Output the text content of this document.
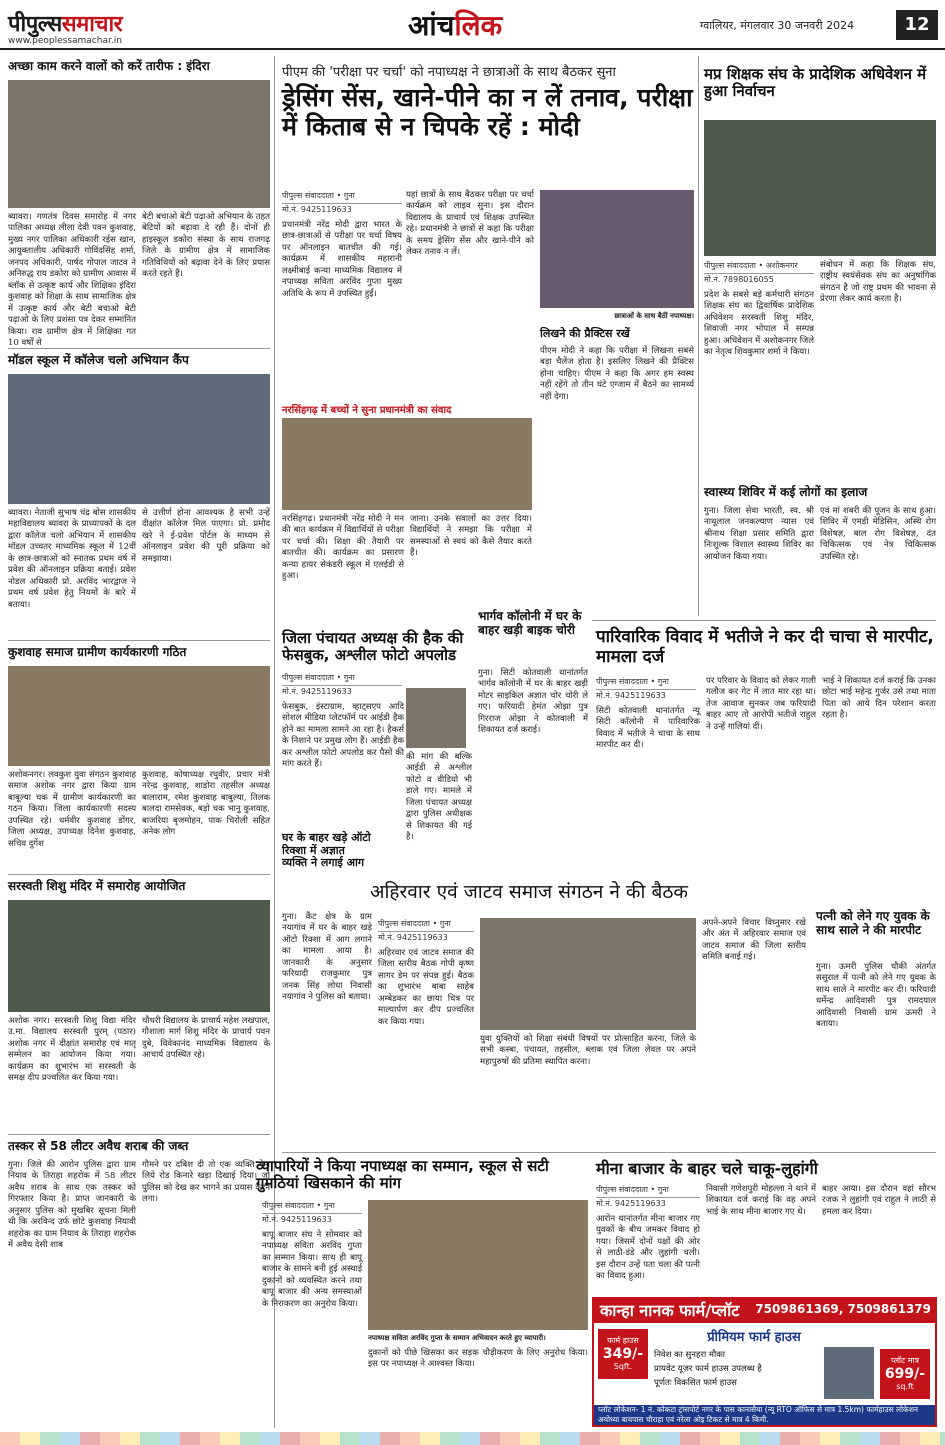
पीपुल्ससमाचार
www.peoplessamachar.in	आंचलिक	ग्वालियर, मंगलवार 30 जनवरी 2024	12
अच्छा काम करने वालों को करें तारीफ : इंदिरा
ब्यावरा। गणतंत्र दिवस समारोह में नगर पालिका अध्यक्ष लीला देवी पवन कुशवाह, मुख्य नगर पालिका अधिकारी रईस खान, आयुक्तालीय अधिकारी गोविंदसिंह शर्मा, जनपद अधिकारी, पार्षद गोपाल जाटव ने अनिरुद्ध राय डकोरा को ग्रामीण आवास में ब्लॉक से उत्कृष्ट कार्य और शिक्षिका इंदिरा कुशवाह को शिक्षा के साथ सामाजिक क्षेत्र में उत्कृष्ट कार्य और बेटी बचाओ बेटी पढ़ाओ के लिए प्रशंसा पत्र देकर सम्मानित किया। राव ग्रामीण क्षेत्र में शिक्षिका गत 10 वर्षों से
बेटी बचाओ बेटी पढ़ाओ अभियान के तहत बेटियों को बढ़ावा दे रही हैं। दोनों ही हाइस्कूल डकोरा संस्था के साथ राजगढ़ जिले के ग्रामीण क्षेत्र में सामाजिक गतिविधियों को बढ़ावा देने के लिए प्रयास करते रहते हैं।
मॉडल स्कूल में कॉलेज चलो अभियान कैंप
ब्यावरा। नेताजी सुभाष चंद्र बोस शासकीय महाविद्यालय ब्यावरा के प्राध्यापकों के दल द्वारा कॉलेज चलो अभियान में शासकीय मॉडल उच्चतर माध्यमिक स्कूल में 12वीं के छात्र-छात्राओं को स्नातक प्रथम वर्ष में प्रवेश की ऑनलाइन प्रक्रिया बताई। प्रवेश नोडल अधिकारी प्रो. अरविंद भारद्वाज ने प्रथम वर्ष प्रवेश हेतु नियमों के बारे में बताया।
से उत्तीर्ण होना आवश्यक है सभी उन्हें दीक्षांत कॉलेज मिल पाएगा। प्रो. प्रमोद खरे ने ई-प्रवेश पोर्टल के माध्यम से ऑनलाइन प्रवेश की पूरी प्रक्रिया को समझाया।
कुशवाह समाज ग्रामीण कार्यकारणी गठित
अशोकनगर। लवकुश युवा संगठन कुशवाह समाज अशोक नगर द्वारा किया ग्राम बाबूल्या चक में ग्रामीण कार्यकारणी का गठन किया। जिला कार्यकारणी सदस्य उपस्थित रहे। धर्मवीर कुशवाह डोंगर, जिला अध्यक्ष, उपाध्यक्ष दिनेश कुशवाह, सचिव दुर्गेश
कुशवाह, कोषाध्यक्ष रघुवीर, प्रचार मंत्री नरेन्द्र कुशवाह, शाडोरा तहसील अध्यक्ष बालाराम, रमेश कुशवाह बाबुल्या, तिलक बालदा रामसेवक, बड़ो चक भानु कुशवाह, बाजरिया बृजमोहन, पाक चिरोली सहित अनेक लोग
सरस्वती शिशु मंदिर में समारोह आयोजित
अशोक नगर। सरस्वती शिशु विद्या मंदिर उ.मा. विद्यालय सरस्वती पुरम् (पठार) अशोक नगर में दीक्षांत समारोह एवं मातृ सम्मेलन का आयोजन किया गया। कार्यक्रम का शुभारंभ मां सरस्वती के समक्ष दीप प्रज्वलित कर किया गया।
चौधरी विद्यालय के प्राचार्य महेश लखपाल, गौशाला मार्ग शिशु मंदिर के प्राचार्य पवन दुबे, विवेकानंद माध्यमिक विद्यालय के आचार्य उपस्थित रहे।
तस्कर से 58 लीटर अवैध शराब की जब्त
गुना। जिले की आरोन पुलिस द्वारा ग्राम नियाव के तिराहा शहरोक में 58 लीटर अवैध शराब के साथ एक तस्कर को गिरफ्तार किया है। प्राप्त जानकारी के अनुसार पुलिस को मुखबिर सूचना मिली थी कि अरविन्द उर्फ छोटे कुशवाह नियावी शहरोक का ग्राम नियाव के तिराहा शहरोक में अवैध देसी शाब
गौमने पर दबिश दी तो एक व्यक्ति केन लिये रोड किनारे खड़ा दिखाई दिया। जो पुलिस को देख कर भागने का प्रयास करने लगा।
पीएम की 'परीक्षा पर चर्चा' को नपाध्यक्ष ने छात्राओं के साथ बैठकर सुना
ड्रेसिंग सेंस, खाने-पीने का न लें तनाव, परीक्षा में किताब से न चिपके रहें : मोदी
पीपुल्स संवाददाता • गुना
मो.नं. 9425119633
प्रधानमंत्री नरेंद्र मोदी द्वारा भारत के छात्र-छात्राओं से परीक्षा पर चर्चा विषय पर ऑनलाइन बातचीत की गई। कार्यक्रम में शासकीय महारानी लक्ष्मीबाई कन्या माध्यमिक विद्यालय में नपाध्यक्ष सविता अरविंद गुप्ता मुख्य अतिथि के रूप में उपस्थित हुईं।
यहां छात्रों के साथ बैठकर परीक्षा पर चर्चा कार्यक्रम को लाइव सुना। इस दौरान विद्यालय के प्राचार्य एवं शिक्षक उपस्थित रहे। प्रधानमंत्री ने छात्रों से कहा कि परीक्षा के समय ड्रेसिंग सेंस और खाने-पीने को लेकर तनाव न लें।
छात्राओं के साथ बैठीं नपाध्यक्ष।
लिखने की प्रैक्टिस रखें
पीएम मोदी ने कहा कि परीक्षा में लिखना सबसे बड़ा चैलेंज होता है। इसलिए लिखने की प्रैक्टिस होना चाहिए। पीएम ने कहा कि अगर हम स्वस्थ नहीं रहेंगे तो तीन घंटे एग्जाम में बैठने का सामर्थ्य नहीं देगा।
नरसिंहगढ़ में बच्चों ने सुना प्रधानमंत्री का संवाद
नरसिंहगढ़। प्रधानमंत्री नरेंद्र मोदी ने मन की बात कार्यक्रम में विद्यार्थियों से परीक्षा पर चर्चा की। शिक्षा की तैयारी पर बातचीत की। कार्यक्रम का प्रसारण कन्या हायर सेकंडरी स्कूल में एलईडी से हुआ।
जाना। उनके सवालों का उत्तर दिया। विद्यार्थियों ने समझा कि परीक्षा में समस्याओं से स्वयं को कैसे तैयार करते हैं।
जिला पंचायत अध्यक्ष की हैक की फेसबुक, अश्लील फोटो अपलोड
पीपुल्स संवाददाता • गुना
मो.नं. 9425119633
फेसबुक, इंस्टाग्राम, व्हाट्सएप आदि सोशल मीडिया प्लेटफॉर्म पर आईडी हैक होने का मामला सामने आ रहा है। हैकर्स के निशाने पर प्रमुख लोग हैं। आईडी हैक कर अश्लील फोटो अपलोड कर पैसों की मांग करते हैं।
की मांग की बल्कि आईडी से अश्लील फोटो व वीडियो भी डाले गए। मामले में जिला पंचायत अध्यक्ष द्वारा पुलिस अधीक्षक से शिकायत की गई है।
भार्गव कॉलोनी में घर के बाहर खड़ी बाइक चोरी
गुना। सिटी कोतवाली थानांतर्गत भार्गव कॉलोनी में घर के बाहर खड़ी मोटर साइकिल अज्ञात चोर चोरी ले गए। फरियादी हेमंत ओझा पुत्र गिरराज ओझा ने कोतवाली में शिकायत दर्ज कराई।
घर के बाहर खड़े ऑटो रिक्शा में अज्ञात व्यक्ति ने लगाई आग
गुना। कैंट क्षेत्र के ग्राम नयागांव में घर के बाहर खड़े ऑटो रिक्शा में आग लगाने का मामला आया है। जानकारी के अनुसार फरियादी राजकुमार पुत्र जनक सिंह लोधा निवासी नयागांव ने पुलिस को बताया।
मप्र शिक्षक संघ के प्रादेशिक अधिवेशन में हुआ निर्वाचन
पीपुल्स संवाददाता • अशोकनगर
मो.नं. 7898016055
प्रदेश के सबसे बड़े कर्मचारी संगठन शिक्षक संघ का द्विवार्षिक प्रादेशिक अधिवेशन सरस्वती शिशु मंदिर, शिवाजी नगर भोपाल में सम्पन्न हुआ। अधिवेशन में अशोकनगर जिले का नेतृत्व शिवकुमार शर्मा ने किया।
संबोधन में कहा कि शिक्षक संघ, राष्ट्रीय स्वयंसेवक संघ का अनुषांगिक संगठन है जो राष्ट्र प्रथम की भावना से प्रेरणा लेकर कार्य करता है।
स्वास्थ्य शिविर में कई लोगों का इलाज
गुना। जिला सेवा भारती, स्व. श्री नाथूलाल जनकल्याण न्यास एवं श्रीनाथ शिक्षा प्रसार समिति द्वारा निःशुल्क विशाल स्वास्थ्य शिविर का आयोजन किया गया।
एवं मां शबरी की पूजन के साथ हुआ। शिविर में एमडी मेडिसिन, अस्थि रोग विशेषज्ञ, बाल रोग विशेषज्ञ, दंत चिकित्सक एवं नेत्र चिकित्सक उपस्थित रहे।
पारिवारिक विवाद में भतीजे ने कर दी चाचा से मारपीट, मामला दर्ज
पीपुल्स संवाददाता • गुना
मो.नं. 9425119633
पर परिवार के विवाद को लेकर गाली गलौज कर गेट में लात मार रहा था। तेज आवाज सुनकर जब फरियादी बाहर आए तो आरोपी भतीजे राहुल ने उन्हें गालियां दीं।
सिटी कोतवाली थानांतर्गत न्यू सिटी कॉलोनी में पारिवारिक विवाद में भतीजे ने चाचा के साथ मारपीट कर दी।
भाई ने शिकायत दर्ज कराई कि उनका छोटा भाई महेन्द्र गुर्जर उसे तथा माता पिता को आये दिन परेशान करता रहता है।
अहिरवार एवं जाटव समाज संगठन ने की बैठक
पीपुल्स संवाददाता • गुना
मो.नं. 9425119633
अहिरवार एवं जाटव समाज की जिला स्तरीय बैठक गोपी कृष्ण सागर डेम पर संपन्न हुई। बैठक का शुभारंभ बाबा साहेब अम्बेडकर का छाया चित्र पर माल्यार्पण कर दीप प्रज्वलित कर किया गया।
युवा युक्तियों को शिक्षा संबंधी विषयों पर प्रोत्साहित करना, जिले के सभी कस्बा, पंचायत, तहसील, ब्लाक एवं जिला लेवल पर अपने महापुरुषों की प्रतिमा स्थापित करना।
अपने-अपने विचार विघ्नुमार रखे और अंत में अहिरवार समाज एवं जाटव समाज की जिला स्तरीय समिति बनाई गई।
पत्नी को लेने गए युवक के साथ साले ने की मारपीट
गुना। ऊमरी पुलिस चौकी अंतर्गत ससुराल में पत्नी को लेने गए युवक के साथ साले ने मारपीट कर दी। फरियादी धर्मेन्द्र आदिवासी पुत्र रामदयाल आदिवासी निवासी ग्राम ऊमरी ने बताया।
व्यापारियों ने किया नपाध्यक्ष का सम्मान, स्कूल से सटी गुमठियां खिसकाने की मांग
पीपुल्स संवाददाता • गुना
मो.नं. 9425119633
बापू बाजार संघ ने सोमवार को नपाध्यक्ष सविता अरविंद गुप्ता का सम्मान किया। साथ ही बापू बाजार के सामने बनी हुई अस्थाई दुकानों को व्यवस्थित करने तथा बापू बाजार की अन्य समस्याओं के निराकरण का अनुरोध किया।
नपाध्यक्ष सविता अरविंद गुप्ता के सम्मान अभिवादन करते हुए व्यापारी।
दुकानों को पीछे खिसका कर सड़क चौड़ीकरण के लिए अनुरोध किया। इस पर नपाध्यक्ष ने आश्वस्त किया।
मीना बाजार के बाहर चले चाकू-लुहांगी
पीपुल्स संवाददाता • गुना
मो.नं. 9425119633
आरोन थानांतर्गत मीना बाजार गए युवकों के बीच जमकर विवाद हो गया। जिसमें दोनों पक्षों की ओर से लाठी-डंडे और लुहांगी चली। इस दौरान उन्हें पता चला की पत्नी का विवाद हुआ।
निवासी गणेशपुरी मोहल्ला ने थाने में शिकायत दर्ज कराई कि वह अपने भाई के साथ मीना बाजार गए थे।
बाहर आया। इस दौरान वहां सौरभ रजक ने लुहांगी एवं राहुल ने लाठी से हमला कर दिया।
कान्हा नानक फार्म/प्लॉट	7509861369, 7509861379
फार्म हाउस
349/-
Sqft.
प्रीमियम फार्म हाउस
निवेश का सुनहरा मौका
प्रायवेट यूज़र फार्म हाउस उपलब्ध है
पूर्णतः विकसित फार्म हाउस
प्लॉट मात्र
699/-
sq.ft
प्लॉट लोकेशन- 1 नं. कोकटा ट्रांसपोर्ट नगर के पास कानासैया (न्यू RTO ऑफिस से मात्र 1.5km) फार्महाउस लोकेशन अयोध्या बायपास चौराहा एवं नरेला ओइ टिकट से मात्र 4 किमी.
